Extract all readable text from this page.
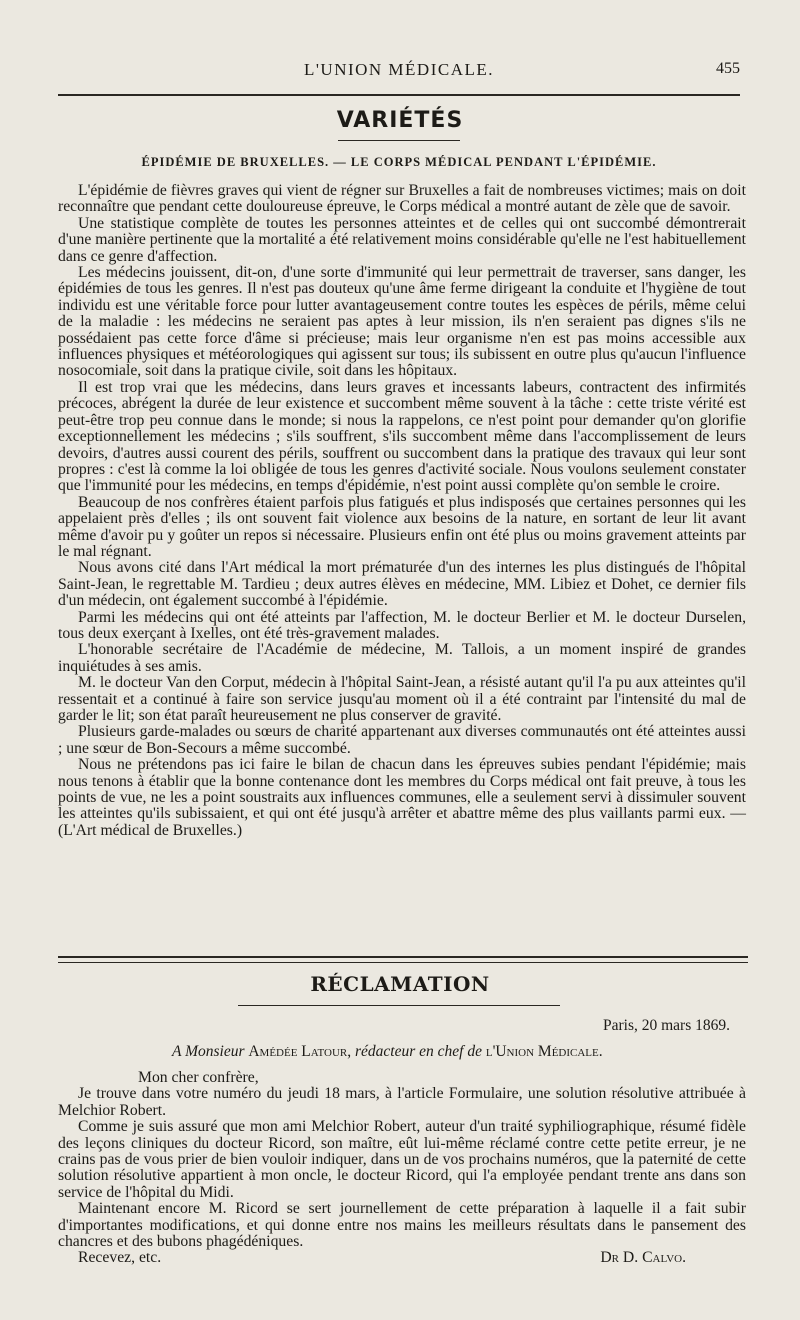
L'UNION MÉDICALE.	455
VARIÉTÉS
ÉPIDÉMIE DE BRUXELLES. — LE CORPS MÉDICAL PENDANT L'ÉPIDÉMIE.

L'épidémie de fièvres graves qui vient de régner sur Bruxelles a fait de nombreuses victimes; mais on doit reconnaître que pendant cette douloureuse épreuve, le Corps médical a montré autant de zèle que de savoir.

Une statistique complète de toutes les personnes atteintes et de celles qui ont succombé démontrerait d'une manière pertinente que la mortalité a été relativement moins considérable qu'elle ne l'est habituellement dans ce genre d'affection.

Les médecins jouissent, dit-on, d'une sorte d'immunité qui leur permettrait de traverser, sans danger, les épidémies de tous les genres. Il n'est pas douteux qu'une âme ferme dirigeant la conduite et l'hygiène de tout individu est une véritable force pour lutter avantageusement contre toutes les espèces de périls, même celui de la maladie : les médecins ne seraient pas aptes à leur mission, ils n'en seraient pas dignes s'ils ne possédaient pas cette force d'âme si précieuse; mais leur organisme n'en est pas moins accessible aux influences physiques et météorologiques qui agissent sur tous; ils subissent en outre plus qu'aucun l'influence nosocomiale, soit dans la pratique civile, soit dans les hôpitaux.

Il est trop vrai que les médecins, dans leurs graves et incessants labeurs, contractent des infirmités précoces, abrégent la durée de leur existence et succombent même souvent à la tâche : cette triste vérité est peut-être trop peu connue dans le monde; si nous la rappelons, ce n'est point pour demander qu'on glorifie exceptionnellement les médecins ; s'ils souffrent, s'ils succombent même dans l'accomplissement de leurs devoirs, d'autres aussi courent des périls, souffrent ou succombent dans la pratique des travaux qui leur sont propres : c'est là comme la loi obligée de tous les genres d'activité sociale. Nous voulons seulement constater que l'immunité pour les médecins, en temps d'épidémie, n'est point aussi complète qu'on semble le croire.

Beaucoup de nos confrères étaient parfois plus fatigués et plus indisposés que certaines personnes qui les appelaient près d'elles ; ils ont souvent fait violence aux besoins de la nature, en sortant de leur lit avant même d'avoir pu y goûter un repos si nécessaire. Plusieurs enfin ont été plus ou moins gravement atteints par le mal régnant.

Nous avons cité dans l'Art médical la mort prématurée d'un des internes les plus distingués de l'hôpital Saint-Jean, le regrettable M. Tardieu ; deux autres élèves en médecine, MM. Libiez et Dohet, ce dernier fils d'un médecin, ont également succombé à l'épidémie.

Parmi les médecins qui ont été atteints par l'affection, M. le docteur Berlier et M. le docteur Durselen, tous deux exerçant à Ixelles, ont été très-gravement malades.

L'honorable secrétaire de l'Académie de médecine, M. Tallois, a un moment inspiré de grandes inquiétudes à ses amis.

M. le docteur Van den Corput, médecin à l'hôpital Saint-Jean, a résisté autant qu'il l'a pu aux atteintes qu'il ressentait et a continué à faire son service jusqu'au moment où il a été contraint par l'intensité du mal de garder le lit; son état paraît heureusement ne plus conserver de gravité.

Plusieurs garde-malades ou sœurs de charité appartenant aux diverses communautés ont été atteintes aussi ; une sœur de Bon-Secours a même succombé.

Nous ne prétendons pas ici faire le bilan de chacun dans les épreuves subies pendant l'épidémie; mais nous tenons à établir que la bonne contenance dont les membres du Corps médical ont fait preuve, à tous les points de vue, ne les a point soustraits aux influences communes, elle a seulement servi à dissimuler souvent les atteintes qu'ils subissaient, et qui ont été jusqu'à arrêter et abattre même des plus vaillants parmi eux. —(L'Art médical de Bruxelles.)

RÉCLAMATION
Paris, 20 mars 1869.
A Monsieur Amédée Latour, rédacteur en chef de l'Union Médicale.

Mon cher confrère,

Je trouve dans votre numéro du jeudi 18 mars, à l'article Formulaire, une solution résolutive attribuée à Melchior Robert.

Comme je suis assuré que mon ami Melchior Robert, auteur d'un traité syphiliographique, résumé fidèle des leçons cliniques du docteur Ricord, son maître, eût lui-même réclamé contre cette petite erreur, je ne crains pas de vous prier de bien vouloir indiquer, dans un de vos prochains numéros, que la paternité de cette solution résolutive appartient à mon oncle, le docteur Ricord, qui l'a employée pendant trente ans dans son service de l'hôpital du Midi.

Maintenant encore M. Ricord se sert journellement de cette préparation à laquelle il a fait subir d'importantes modifications, et qui donne entre nos mains les meilleurs résultats dans le pansement des chancres et des bubons phagédéniques.

Recevez, etc.	Dr D. Calvo.
